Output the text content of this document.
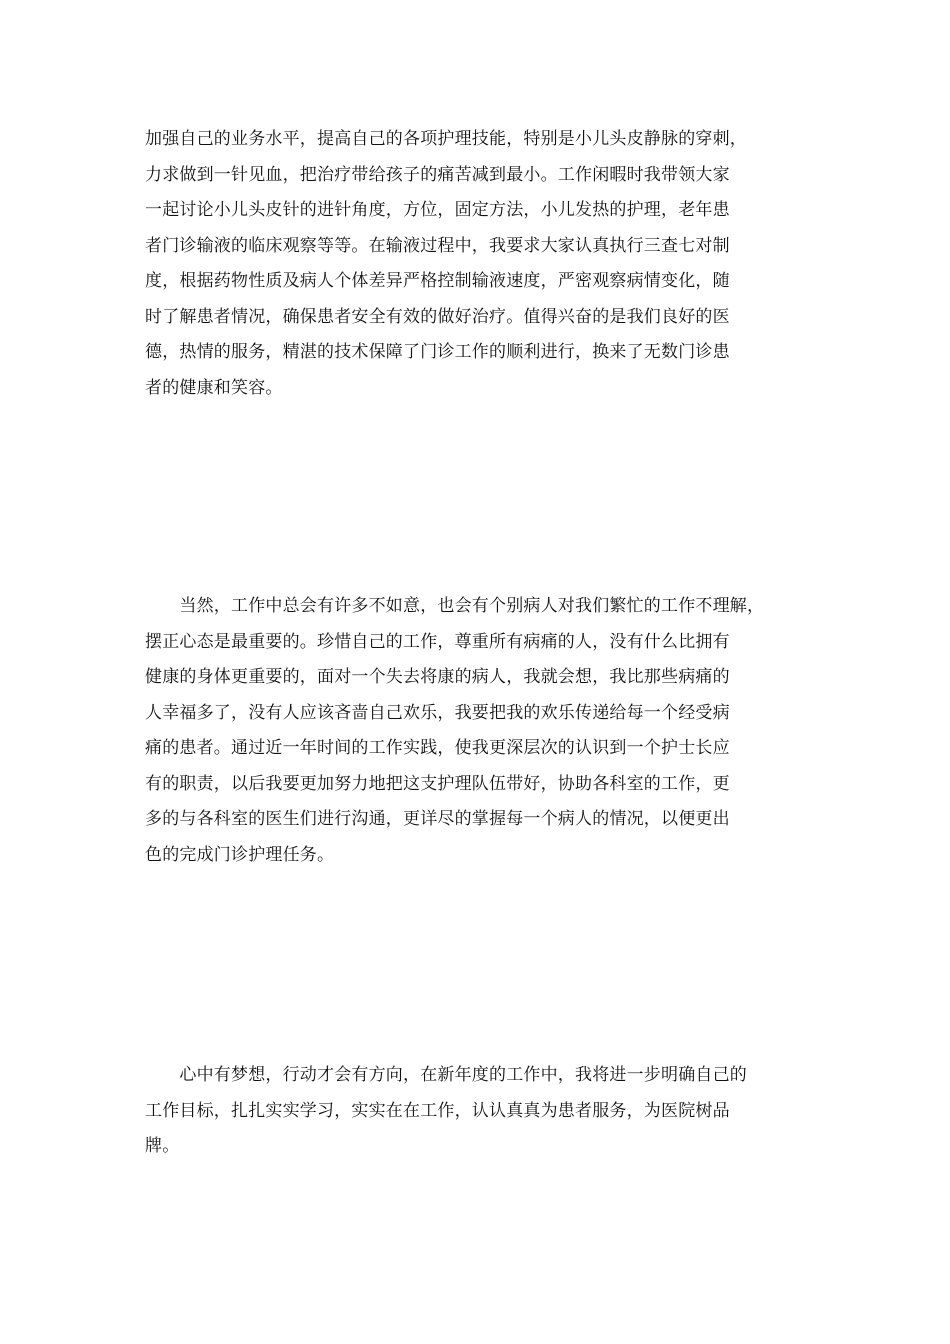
加强自己的业务水平，提高自己的各项护理技能，特别是小儿头皮静脉的穿刺，
力求做到一针见血，把治疗带给孩子的痛苦减到最小。工作闲暇时我带领大家
一起讨论小儿头皮针的进针角度，方位，固定方法，小儿发热的护理，老年患
者门诊输液的临床观察等等。在输液过程中，我要求大家认真执行三查七对制
度，根据药物性质及病人个体差异严格控制输液速度，严密观察病情变化，随
时了解患者情况，确保患者安全有效的做好治疗。值得兴奋的是我们良好的医
德，热情的服务，精湛的技术保障了门诊工作的顺利进行，换来了无数门诊患
者的健康和笑容。
　　当然，工作中总会有许多不如意，也会有个别病人对我们繁忙的工作不理解，
摆正心态是最重要的。珍惜自己的工作，尊重所有病痛的人，没有什么比拥有
健康的身体更重要的，面对一个失去将康的病人，我就会想，我比那些病痛的
人幸福多了，没有人应该吝啬自己欢乐，我要把我的欢乐传递给每一个经受病
痛的患者。通过近一年时间的工作实践，使我更深层次的认识到一个护士长应
有的职责，以后我要更加努力地把这支护理队伍带好，协助各科室的工作，更
多的与各科室的医生们进行沟通，更详尽的掌握每一个病人的情况，以便更出
色的完成门诊护理任务。
　　心中有梦想，行动才会有方向，在新年度的工作中，我将进一步明确自己的
工作目标，扎扎实实学习，实实在在工作，认认真真为患者服务，为医院树品
牌。
